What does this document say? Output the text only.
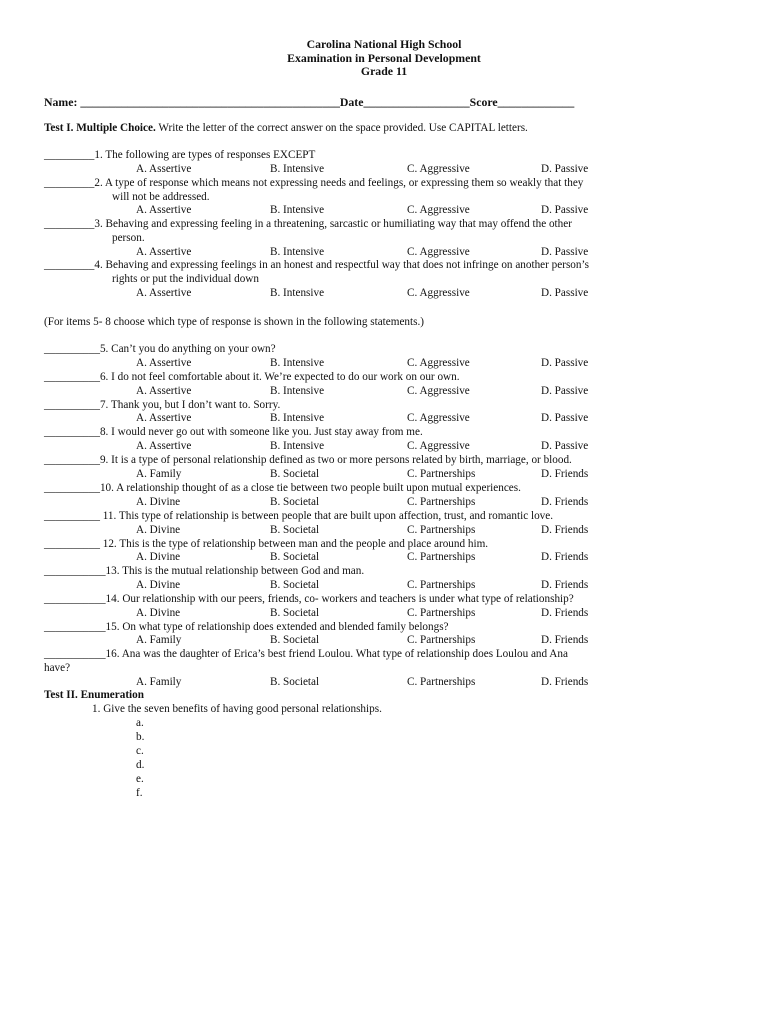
Carolina National High School
Examination in Personal Development
Grade 11
Name: ____________________________________________Date__________________Score_____________
Test I. Multiple Choice. Write the letter of the correct answer on the space provided. Use CAPITAL letters.
_________1. The following are types of responses EXCEPT
A. Assertive	B. Intensive	C. Aggressive	D. Passive
_________2. A type of response which means not expressing needs and feelings, or expressing them so weakly that they
will not be addressed.
A. Assertive	B. Intensive	C. Aggressive	D. Passive
_________3. Behaving and expressing feeling in a threatening, sarcastic or humiliating way that may offend the other
person.
A. Assertive	B. Intensive	C. Aggressive	D. Passive
_________4. Behaving and expressing feelings in an honest and respectful way that does not infringe on another person’s
rights or put the individual down
A. Assertive	B. Intensive	C. Aggressive	D. Passive
(For items 5- 8 choose which type of response is shown in the following statements.)
__________5. Can’t you do anything on your own?
A. Assertive	B. Intensive	C. Aggressive	D. Passive
__________6. I do not feel comfortable about it. We’re expected to do our work on our own.
A. Assertive	B. Intensive	C. Aggressive	D. Passive
__________7. Thank you, but I don’t want to. Sorry.
A. Assertive	B. Intensive	C. Aggressive	D. Passive
__________8. I would never go out with someone like you. Just stay away from me.
A. Assertive	B. Intensive	C. Aggressive	D. Passive
__________9. It is a type of personal relationship defined as two or more persons related by birth, marriage, or blood.
A. Family	B. Societal	C. Partnerships	D. Friends
__________10. A relationship thought of as a close tie between two people built upon mutual experiences.
A. Divine	B. Societal	C. Partnerships	D. Friends
__________ 11. This type of relationship is between people that are built upon affection, trust, and romantic love.
A. Divine	B. Societal	C. Partnerships	D. Friends
__________ 12. This is the type of relationship between man and the people and place around him.
A. Divine	B. Societal	C. Partnerships	D. Friends
___________13. This is the mutual relationship between God and man.
A. Divine	B. Societal	C. Partnerships	D. Friends
___________14. Our relationship with our peers, friends, co- workers and teachers is under what type of relationship?
A. Divine	B. Societal	C. Partnerships	D. Friends
___________15. On what type of relationship does extended and blended family belongs?
A. Family	B. Societal	C. Partnerships	D. Friends
___________16. Ana was the daughter of Erica’s best friend Loulou. What type of relationship does Loulou and Ana
have?
A. Family	B. Societal	C. Partnerships	D. Friends
Test II. Enumeration
1. Give the seven benefits of having good personal relationships.
a.
b.
c.
d.
e.
f.
